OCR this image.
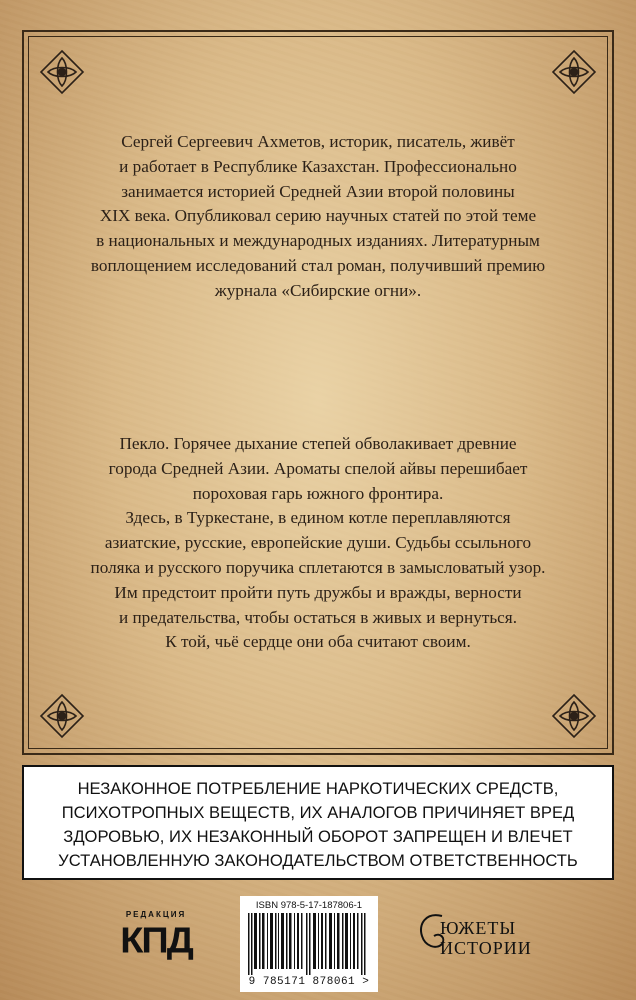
Сергей Сергеевич Ахметов, историк, писатель, живёт

и работает в Республике Казахстан. Профессионально

занимается историей Средней Азии второй половины

XIX века. Опубликовал серию научных статей по этой теме

в национальных и международных изданиях. Литературным

воплощением исследований стал роман, получивший премию

журнала «Сибирские огни».

Пекло. Горячее дыхание степей обволакивает древние

города Средней Азии. Ароматы спелой айвы перешибает

пороховая гарь южного фронтира.

Здесь, в Туркестане, в едином котле переплавляются

азиатские, русские, европейские души. Судьбы ссыльного

поляка и русского поручика сплетаются в замысловатый узор.

Им предстоит пройти путь дружбы и вражды, верности

и предательства, чтобы остаться в живых и вернуться.

К той, чьё сердце они оба считают своим.

НЕЗАКОННОЕ ПОТРЕБЛЕНИЕ НАРКОТИЧЕСКИХ СРЕДСТВ,

ПСИХОТРОПНЫХ ВЕЩЕСТВ, ИХ АНАЛОГОВ ПРИЧИНЯЕТ ВРЕД

ЗДОРОВЬЮ, ИХ НЕЗАКОННЫЙ ОБОРОТ ЗАПРЕЩЕН И ВЛЕЧЕТ

УСТАНОВЛЕННУЮ ЗАКОНОДАТЕЛЬСТВОМ ОТВЕТСТВЕННОСТЬ

РЕДАКЦИЯ
КПД
ISBN 978-5-17-187806-1
9 785171 878061 >
ЮЖЕТЫ
ИСТОРИИ
